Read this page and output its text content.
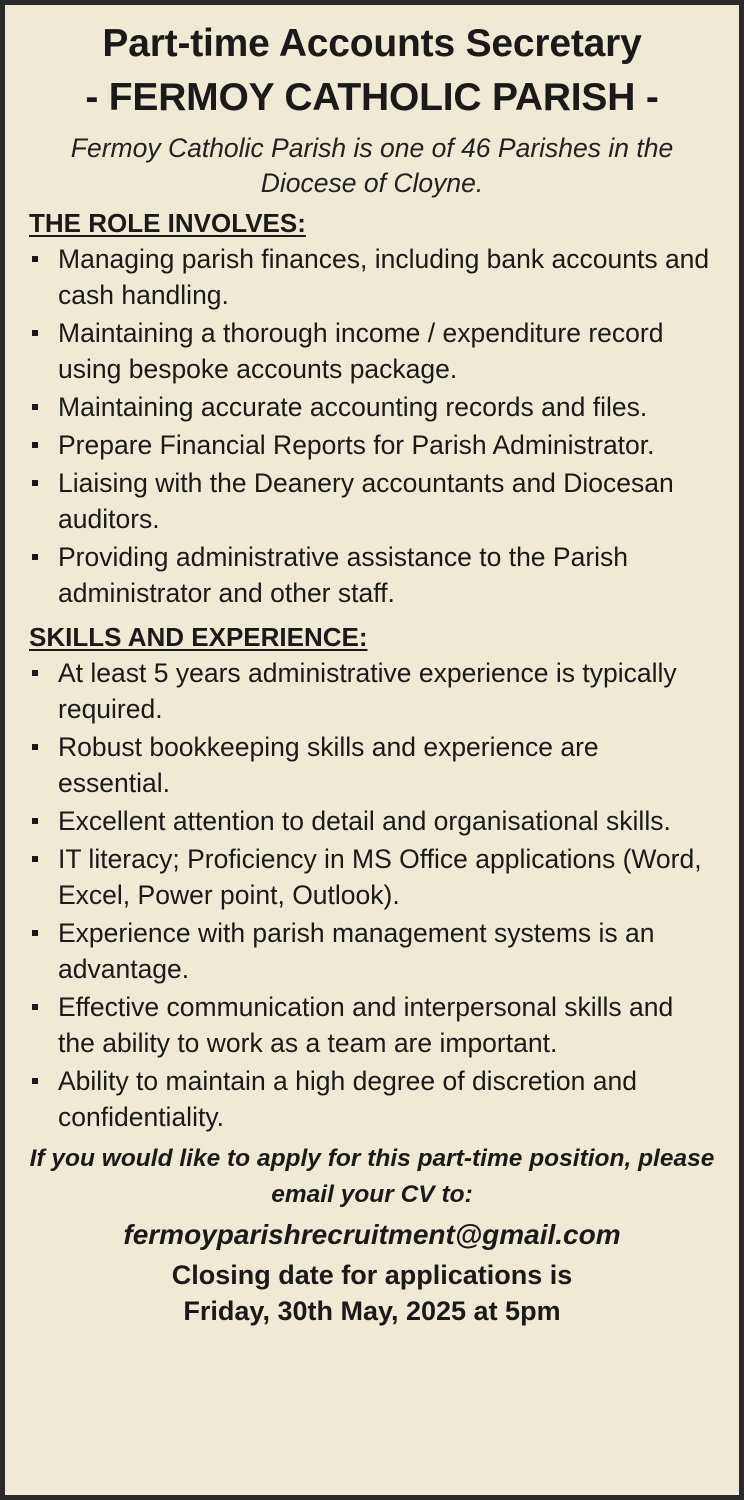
Part-time Accounts Secretary
- FERMOY CATHOLIC PARISH -

Fermoy Catholic Parish is one of 46 Parishes in the Diocese of Cloyne.

THE ROLE INVOLVES:
Managing parish finances, including bank accounts and cash handling.
Maintaining a thorough income / expenditure record using bespoke accounts package.
Maintaining accurate accounting records and files.
Prepare Financial Reports for Parish Administrator.
Liaising with the Deanery accountants and Diocesan auditors.
Providing administrative assistance to the Parish administrator and other staff.
SKILLS AND EXPERIENCE:
At least 5 years administrative experience is typically required.
Robust bookkeeping skills and experience are essential.
Excellent attention to detail and organisational skills.
IT literacy; Proficiency in MS Office applications (Word, Excel, Power point, Outlook).
Experience with parish management systems is an advantage.
Effective communication and interpersonal skills and the ability to work as a team are important.
Ability to maintain a high degree of discretion and confidentiality.

If you would like to apply for this part-time position, please email your CV to:

fermoyparishrecruitment@gmail.com

Closing date for applications is
Friday, 30th May, 2025 at 5pm
